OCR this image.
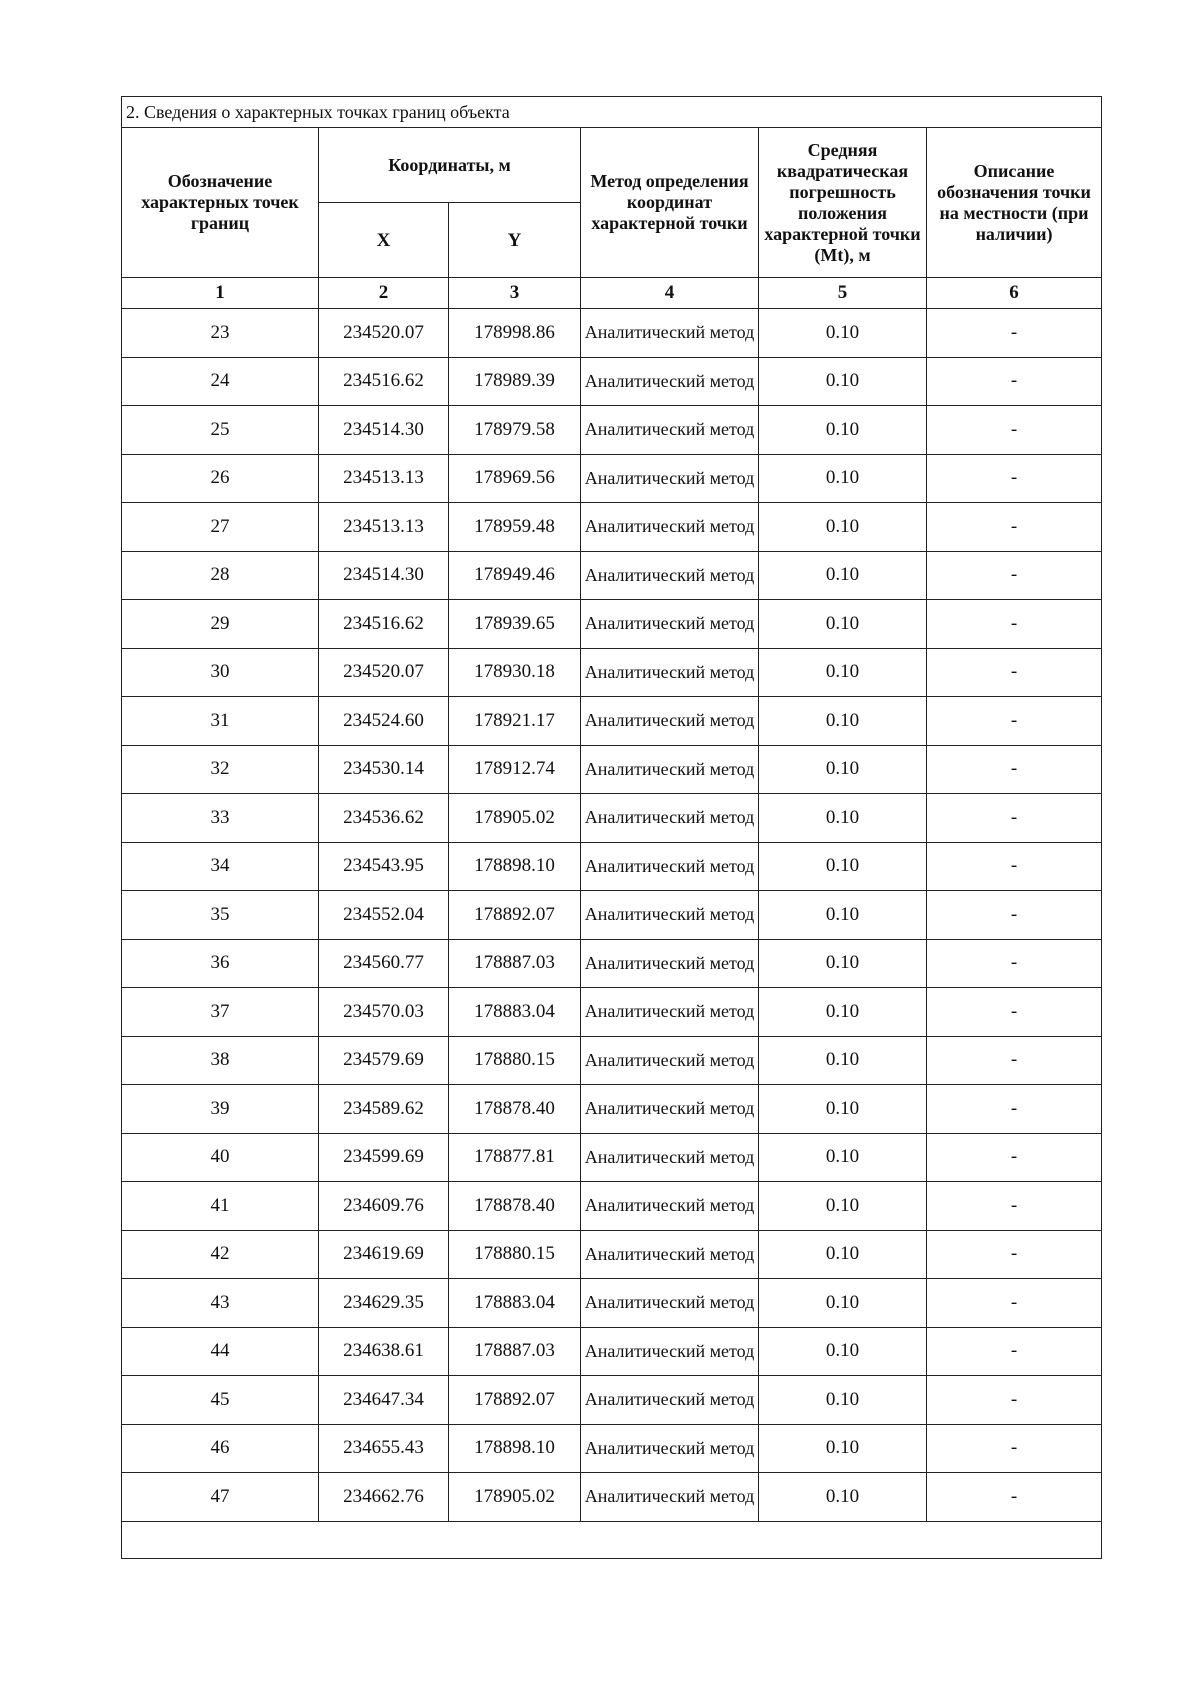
2. Сведения о характерных точках границ объекта					
Обозначение характерных точек границ	Координаты, м		Метод определения координат характерной точки	Средняя квадратическая погрешность положения характерной точки (Mt), м	Описание обозначения точки на местности (при наличии)
	X	Y			
1	2	3	4	5	6
23	234520.07	178998.86	Аналитический метод	0.10	-
24	234516.62	178989.39	Аналитический метод	0.10	-
25	234514.30	178979.58	Аналитический метод	0.10	-
26	234513.13	178969.56	Аналитический метод	0.10	-
27	234513.13	178959.48	Аналитический метод	0.10	-
28	234514.30	178949.46	Аналитический метод	0.10	-
29	234516.62	178939.65	Аналитический метод	0.10	-
30	234520.07	178930.18	Аналитический метод	0.10	-
31	234524.60	178921.17	Аналитический метод	0.10	-
32	234530.14	178912.74	Аналитический метод	0.10	-
33	234536.62	178905.02	Аналитический метод	0.10	-
34	234543.95	178898.10	Аналитический метод	0.10	-
35	234552.04	178892.07	Аналитический метод	0.10	-
36	234560.77	178887.03	Аналитический метод	0.10	-
37	234570.03	178883.04	Аналитический метод	0.10	-
38	234579.69	178880.15	Аналитический метод	0.10	-
39	234589.62	178878.40	Аналитический метод	0.10	-
40	234599.69	178877.81	Аналитический метод	0.10	-
41	234609.76	178878.40	Аналитический метод	0.10	-
42	234619.69	178880.15	Аналитический метод	0.10	-
43	234629.35	178883.04	Аналитический метод	0.10	-
44	234638.61	178887.03	Аналитический метод	0.10	-
45	234647.34	178892.07	Аналитический метод	0.10	-
46	234655.43	178898.10	Аналитический метод	0.10	-
47	234662.76	178905.02	Аналитический метод	0.10	-
